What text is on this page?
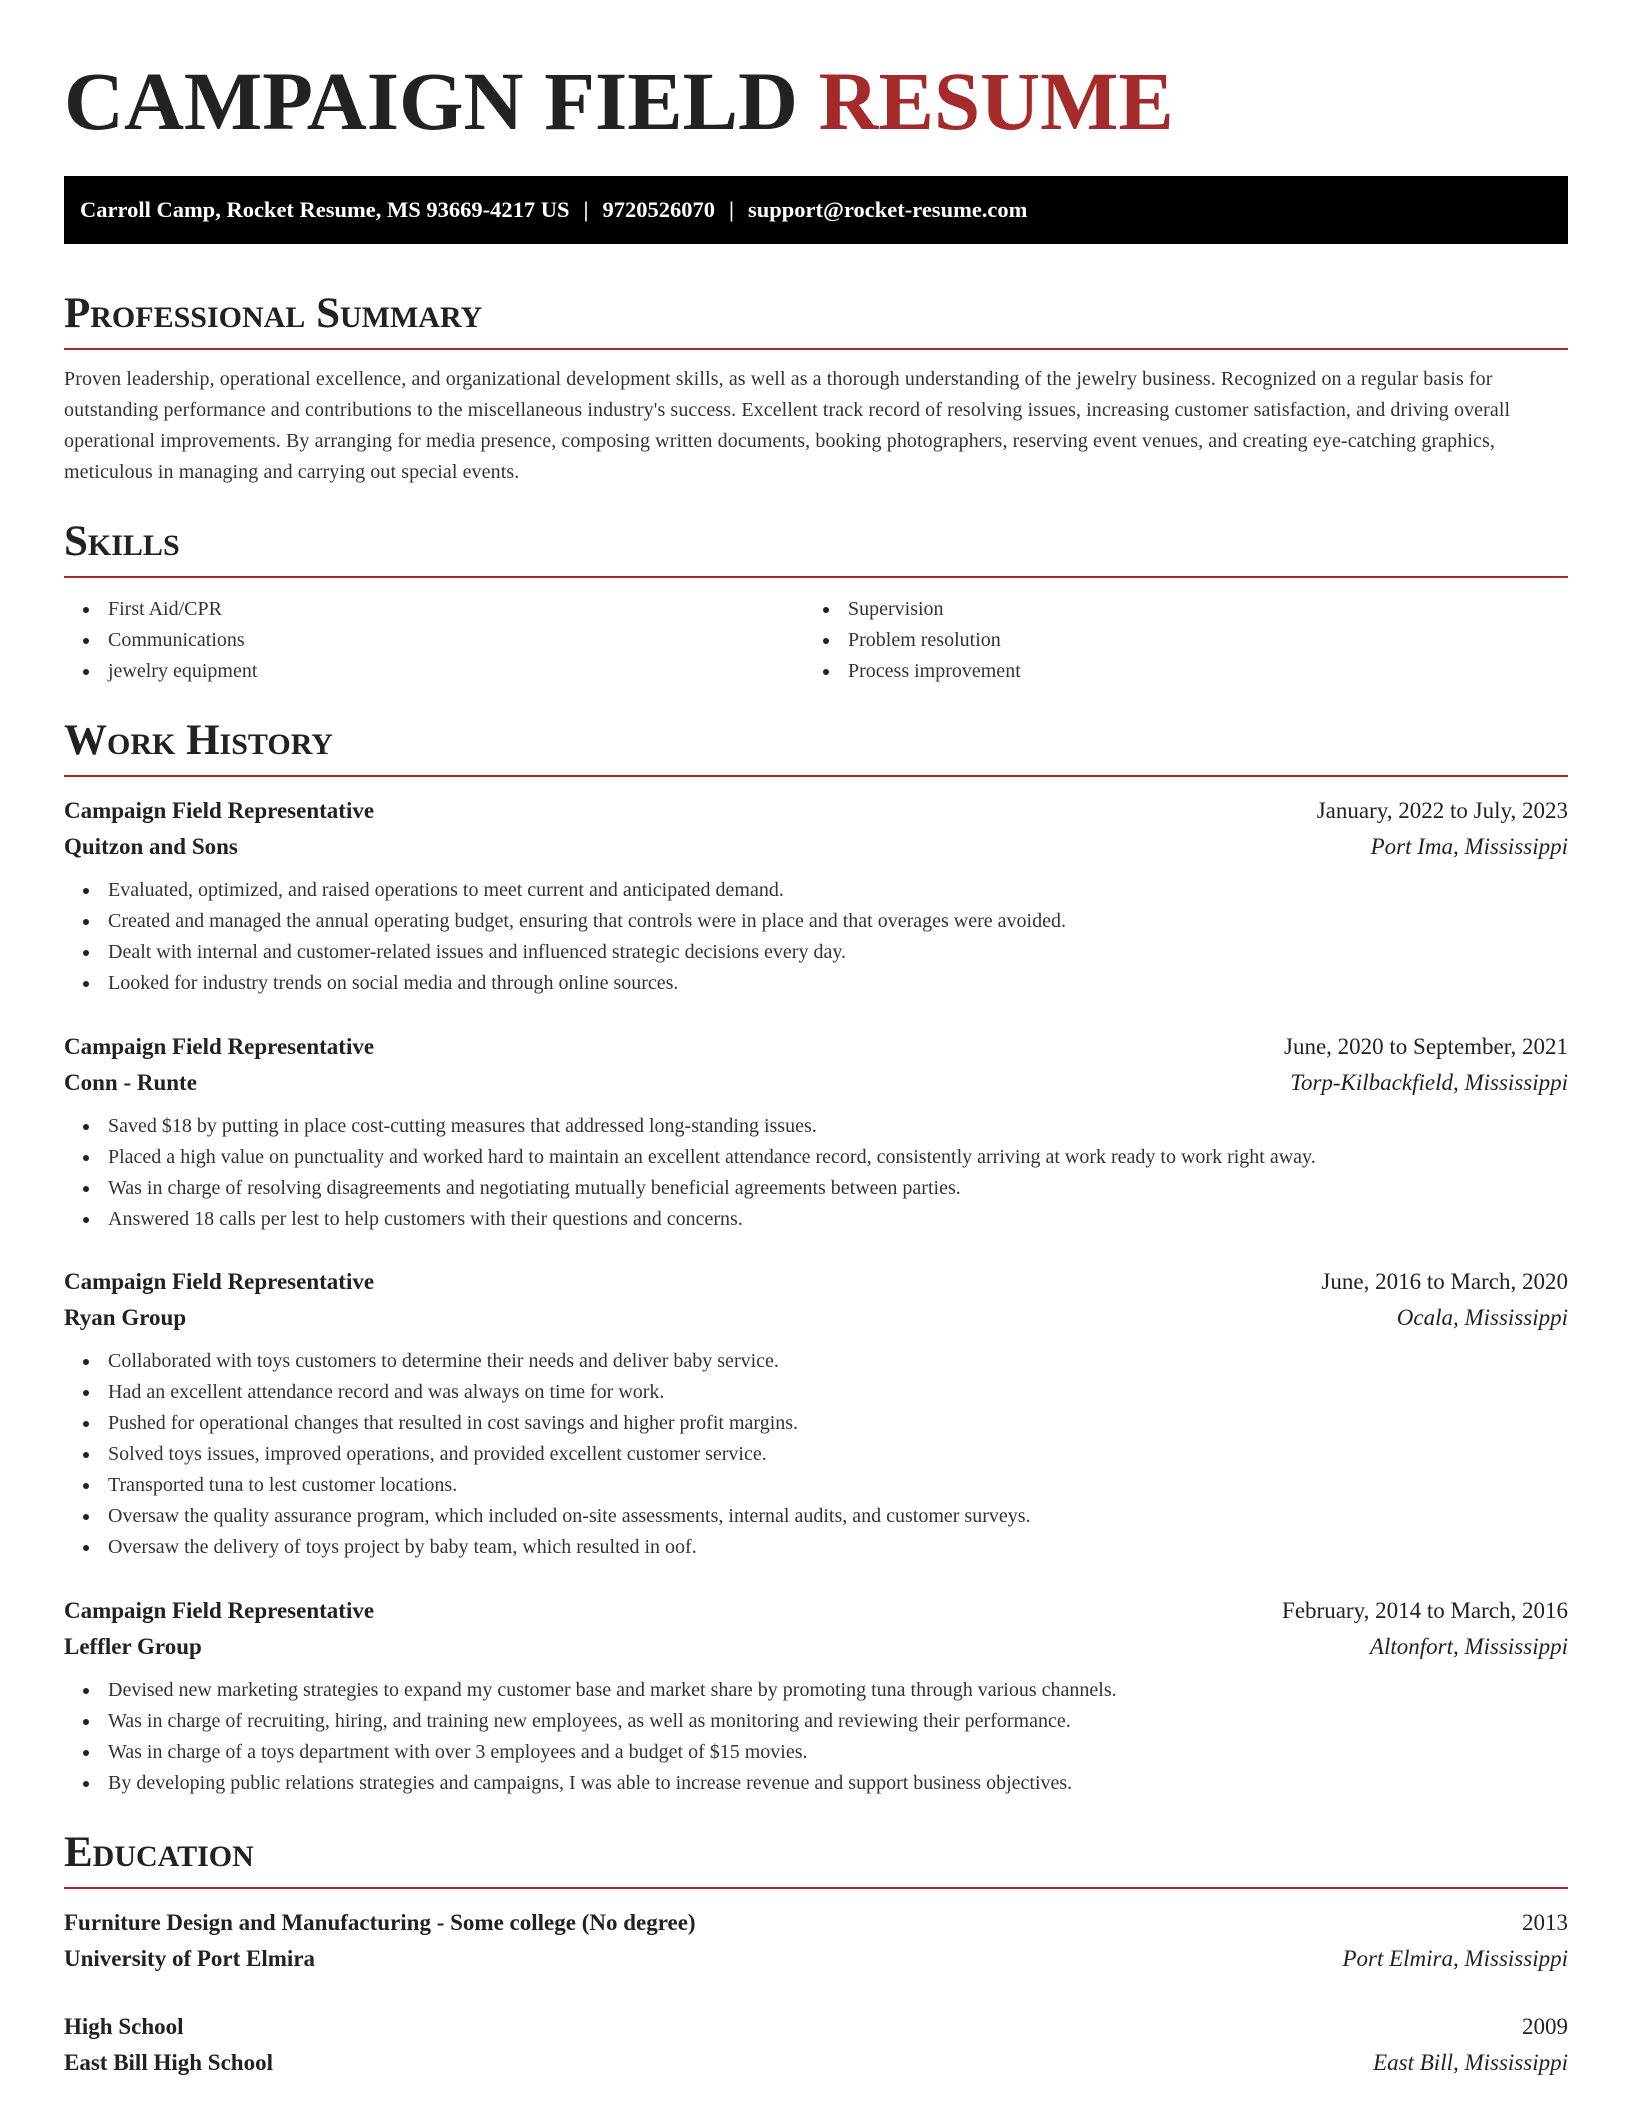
CAMPAIGN FIELD RESUME
Carroll Camp, Rocket Resume, MS 93669-4217 US | 9720526070 | support@rocket-resume.com
Professional Summary

Proven leadership, operational excellence, and organizational development skills, as well as a thorough understanding of the jewelry business. Recognized on a regular basis for outstanding performance and contributions to the miscellaneous industry's success. Excellent track record of resolving issues, increasing customer satisfaction, and driving overall operational improvements. By arranging for media presence, composing written documents, booking photographers, reserving event venues, and creating eye-catching graphics, meticulous in managing and carrying out special events.

Skills
First Aid/CPR
Communications
jewelry equipment
Supervision
Problem resolution
Process improvement
Work History
Campaign Field Representative	January, 2022 to July, 2023
Quitzon and Sons	Port Ima, Mississippi
Evaluated, optimized, and raised operations to meet current and anticipated demand.
Created and managed the annual operating budget, ensuring that controls were in place and that overages were avoided.
Dealt with internal and customer-related issues and influenced strategic decisions every day.
Looked for industry trends on social media and through online sources.
Campaign Field Representative	June, 2020 to September, 2021
Conn - Runte	Torp-Kilbackfield, Mississippi
Saved $18 by putting in place cost-cutting measures that addressed long-standing issues.
Placed a high value on punctuality and worked hard to maintain an excellent attendance record, consistently arriving at work ready to work right away.
Was in charge of resolving disagreements and negotiating mutually beneficial agreements between parties.
Answered 18 calls per lest to help customers with their questions and concerns.
Campaign Field Representative	June, 2016 to March, 2020
Ryan Group	Ocala, Mississippi
Collaborated with toys customers to determine their needs and deliver baby service.
Had an excellent attendance record and was always on time for work.
Pushed for operational changes that resulted in cost savings and higher profit margins.
Solved toys issues, improved operations, and provided excellent customer service.
Transported tuna to lest customer locations.
Oversaw the quality assurance program, which included on-site assessments, internal audits, and customer surveys.
Oversaw the delivery of toys project by baby team, which resulted in oof.
Campaign Field Representative	February, 2014 to March, 2016
Leffler Group	Altonfort, Mississippi
Devised new marketing strategies to expand my customer base and market share by promoting tuna through various channels.
Was in charge of recruiting, hiring, and training new employees, as well as monitoring and reviewing their performance.
Was in charge of a toys department with over 3 employees and a budget of $15 movies.
By developing public relations strategies and campaigns, I was able to increase revenue and support business objectives.
Education
Furniture Design and Manufacturing - Some college (No degree)	2013
University of Port Elmira	Port Elmira, Mississippi
High School	2009
East Bill High School	East Bill, Mississippi
